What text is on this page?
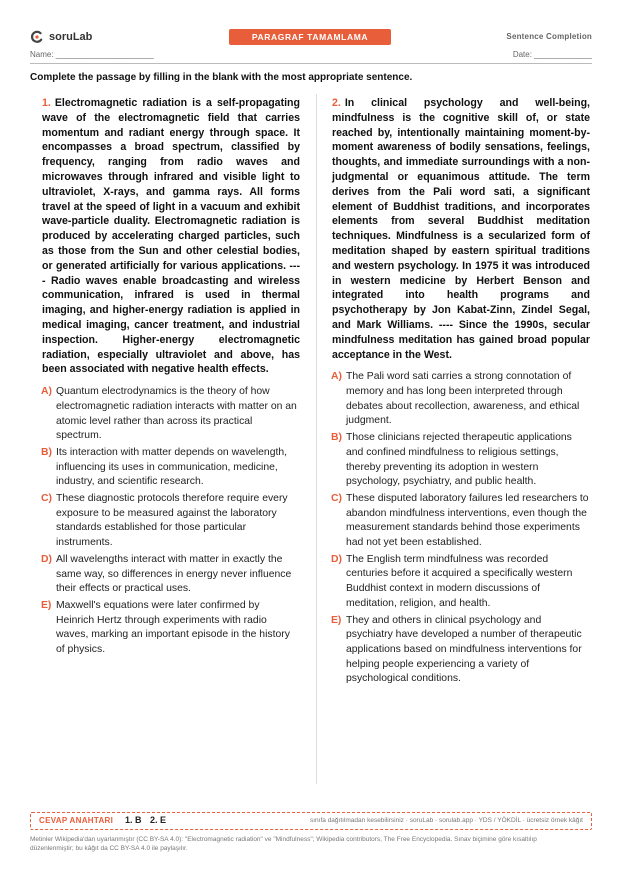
soruLab	PARAGRAF TAMAMLAMA	Sentence Completion
Name: ______________________	Date: _____________
Complete the passage by filling in the blank with the most appropriate sentence.

1. Electromagnetic radiation is a self-propagating wave of the electromagnetic field that carries momentum and radiant energy through space. It encompasses a broad spectrum, classified by frequency, ranging from radio waves and microwaves through infrared and visible light to ultraviolet, X-rays, and gamma rays. All forms travel at the speed of light in a vacuum and exhibit wave-particle duality. Electromagnetic radiation is produced by accelerating charged particles, such as those from the Sun and other celestial bodies, or generated artificially for various applications. ---- Radio waves enable broadcasting and wireless communication, infrared is used in thermal imaging, and higher-energy radiation is applied in medical imaging, cancer treatment, and industrial inspection. Higher-energy electromagnetic radiation, especially ultraviolet and above, has been associated with negative health effects.

A) Quantum electrodynamics is the theory of how electromagnetic radiation interacts with matter on an atomic level rather than across its practical spectrum.
B) Its interaction with matter depends on wavelength, influencing its uses in communication, medicine, industry, and scientific research.
C) These diagnostic protocols therefore require every exposure to be measured against the laboratory standards established for those particular instruments.
D) All wavelengths interact with matter in exactly the same way, so differences in energy never influence their effects or practical uses.
E) Maxwell's equations were later confirmed by Heinrich Hertz through experiments with radio waves, marking an important episode in the history of physics.

2. In clinical psychology and well-being, mindfulness is the cognitive skill of, or state reached by, intentionally maintaining moment-by-moment awareness of bodily sensations, feelings, thoughts, and immediate surroundings with a non-judgmental or equanimous attitude. The term derives from the Pali word sati, a significant element of Buddhist traditions, and incorporates elements from several Buddhist meditation techniques. Mindfulness is a secularized form of meditation shaped by eastern spiritual traditions and western psychology. In 1975 it was introduced in western medicine by Herbert Benson and integrated into health programs and psychotherapy by Jon Kabat-Zinn, Zindel Segal, and Mark Williams. ---- Since the 1990s, secular mindfulness meditation has gained broad popular acceptance in the West.

A) The Pali word sati carries a strong connotation of memory and has long been interpreted through debates about recollection, awareness, and ethical judgment.
B) Those clinicians rejected therapeutic applications and confined mindfulness to religious settings, thereby preventing its adoption in western psychology, psychiatry, and public health.
C) These disputed laboratory failures led researchers to abandon mindfulness interventions, even though the measurement standards behind those experiments had not yet been established.
D) The English term mindfulness was recorded centuries before it acquired a specifically western Buddhist context in modern discussions of meditation, religion, and health.
E) They and others in clinical psychology and psychiatry have developed a number of therapeutic applications based on mindfulness interventions for helping people experiencing a variety of psychological conditions.
CEVAP ANAHTARI 1. B 2. E	sınıfa dağıtılmadan kesebilirsiniz · soruLab · sorulab.app · YDS / YÖKDİL · ücretsiz örnek kâğıt
Metinler Wikipedia'dan uyarlanmıştır (CC BY-SA 4.0): "Electromagnetic radiation" ve "Mindfulness"; Wikipedia contributors, The Free Encyclopedia. Sınav biçimine göre kısaltılıp düzenlenmiştir; bu kâğıt da CC BY-SA 4.0 ile paylaşılır.
